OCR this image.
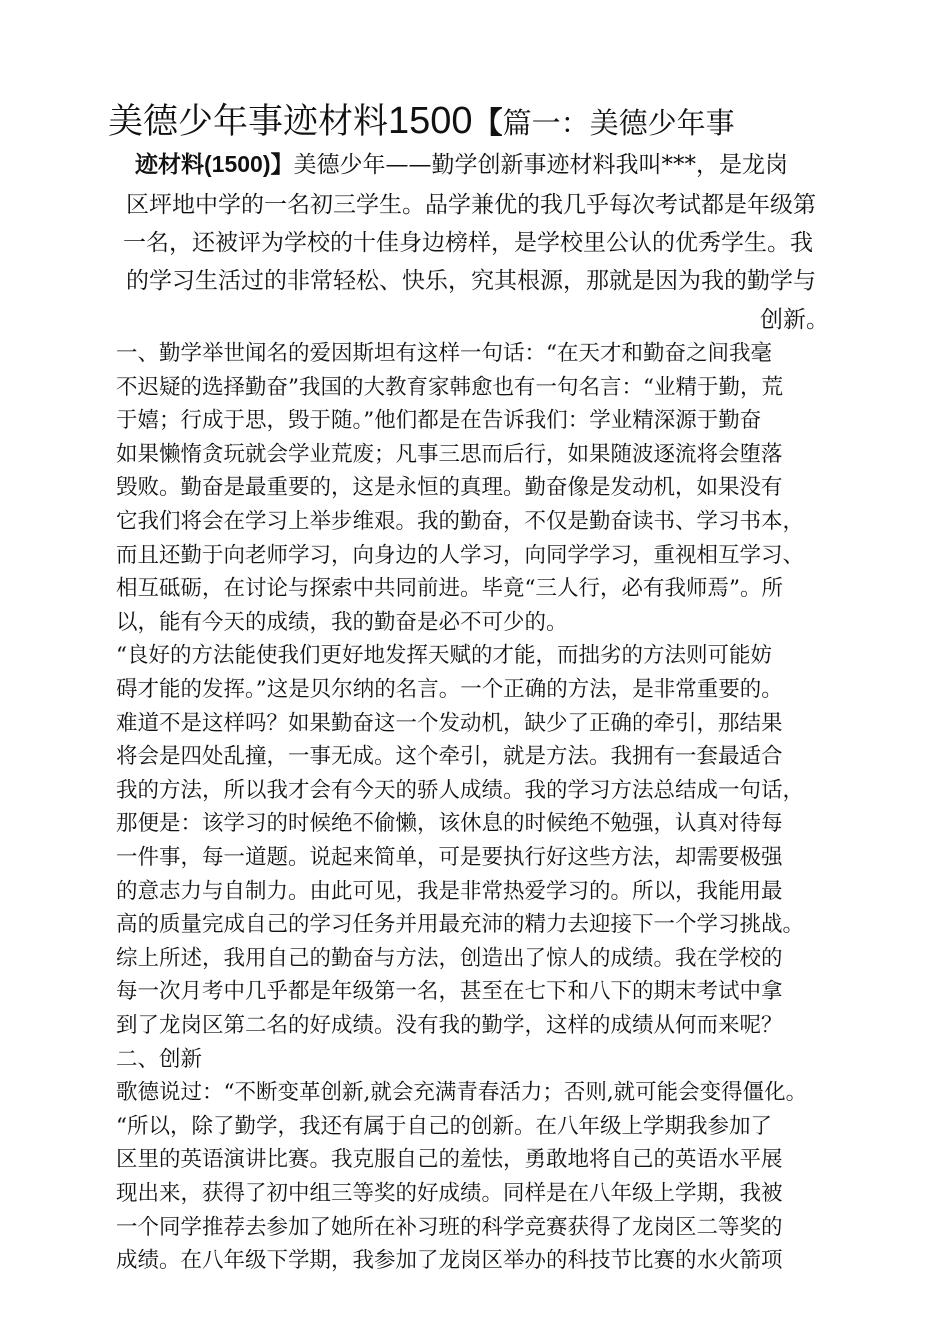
美德少年事迹材料1500【篇一：美德少年事
迹材料(1500)】美德少年——勤学创新事迹材料我叫***，是龙岗
区坪地中学的一名初三学生。品学兼优的我几乎每次考试都是年级第
一名，还被评为学校的十佳身边榜样，是学校里公认的优秀学生。我
的学习生活过的非常轻松、快乐，究其根源，那就是因为我的勤学与
创新。
一、勤学举世闻名的爱因斯坦有这样一句话：“在天才和勤奋之间我毫
不迟疑的选择勤奋”我国的大教育家韩愈也有一句名言：“业精于勤，荒
于嬉；行成于思，毁于随。”他们都是在告诉我们：学业精深源于勤奋
如果懒惰贪玩就会学业荒废；凡事三思而后行，如果随波逐流将会堕落
毁败。勤奋是最重要的，这是永恒的真理。勤奋像是发动机，如果没有
它我们将会在学习上举步维艰。我的勤奋，不仅是勤奋读书、学习书本，
而且还勤于向老师学习，向身边的人学习，向同学学习，重视相互学习、
相互砥砺，在讨论与探索中共同前进。毕竟“三人行，必有我师焉”。所
以，能有今天的成绩，我的勤奋是必不可少的。
“良好的方法能使我们更好地发挥天赋的才能，而拙劣的方法则可能妨
碍才能的发挥。”这是贝尔纳的名言。一个正确的方法，是非常重要的。
难道不是这样吗？如果勤奋这一个发动机，缺少了正确的牵引，那结果
将会是四处乱撞，一事无成。这个牵引，就是方法。我拥有一套最适合
我的方法，所以我才会有今天的骄人成绩。我的学习方法总结成一句话，
那便是：该学习的时候绝不偷懒，该休息的时候绝不勉强，认真对待每
一件事，每一道题。说起来简单，可是要执行好这些方法，却需要极强
的意志力与自制力。由此可见，我是非常热爱学习的。所以，我能用最
高的质量完成自己的学习任务并用最充沛的精力去迎接下一个学习挑战。
综上所述，我用自己的勤奋与方法，创造出了惊人的成绩。我在学校的
每一次月考中几乎都是年级第一名，甚至在七下和八下的期末考试中拿
到了龙岗区第二名的好成绩。没有我的勤学，这样的成绩从何而来呢？
二、创新
歌德说过：“不断变革创新,就会充满青春活力；否则,就可能会变得僵化。
“所以，除了勤学，我还有属于自己的创新。在八年级上学期我参加了
区里的英语演讲比赛。我克服自己的羞怯，勇敢地将自己的英语水平展
现出来，获得了初中组三等奖的好成绩。同样是在八年级上学期，我被
一个同学推荐去参加了她所在补习班的科学竞赛获得了龙岗区二等奖的
成绩。在八年级下学期，我参加了龙岗区举办的科技节比赛的水火箭项
